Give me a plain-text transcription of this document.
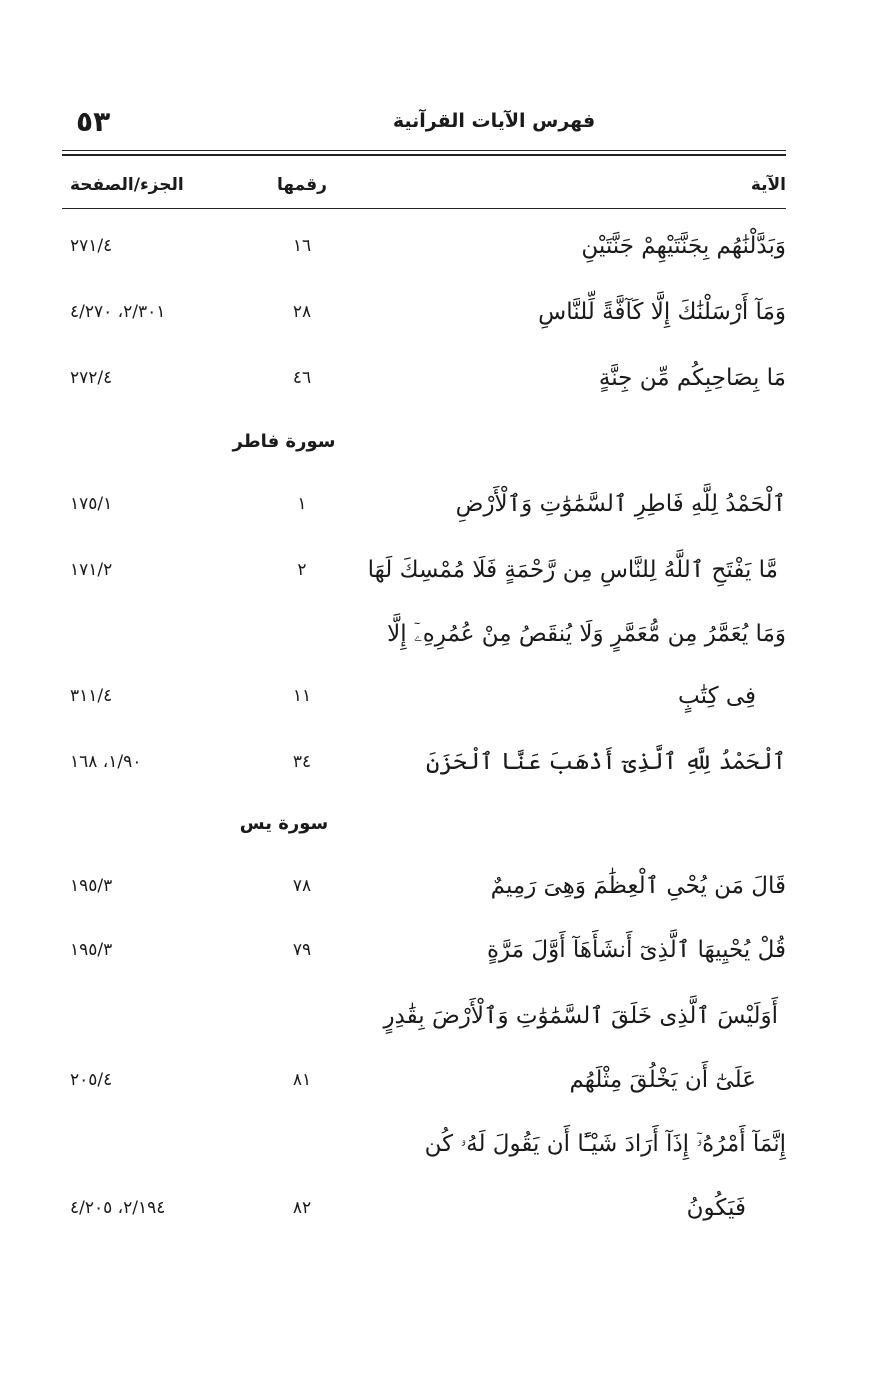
٥٣	فهرس الآيات القرآنية
الآية
رقمها
الجزء/الصفحة
وَبَدَّلْنَٰهُم بِجَنَّتَيْهِمْ جَنَّتَيْنِ
١٦
٢٧١/٤
وَمَآ أَرْسَلْنَٰكَ إِلَّا كَآفَّةً لِّلنَّاسِ
٢٨
٢/٣٠١، ٤/٢٧٠
مَا بِصَاحِبِكُم مِّن جِنَّةٍ
٤٦
٢٧٢/٤
سورة فاطر
ٱلْحَمْدُ لِلَّهِ فَاطِرِ ٱلسَّمَٰوَٰتِ وَٱلْأَرْضِ
١
١٧٥/١
مَّا يَفْتَحِ ٱللَّهُ لِلنَّاسِ مِن رَّحْمَةٍ فَلَا مُمْسِكَ لَهَا
٢
١٧١/٢
وَمَا يُعَمَّرُ مِن مُّعَمَّرٍ وَلَا يُنقَصُ مِنْ عُمُرِهِۦٓ إِلَّا
فِى كِتَٰبٍ
١١
٣١١/٤
ٱلْحَمْدُ لِلَّهِ ٱلَّذِىٓ أَذْهَبَ عَنَّا ٱلْحَزَنَ
٣٤
١/٩٠، ١٦٨
سورة يس
قَالَ مَن يُحْىِ ٱلْعِظَٰمَ وَهِىَ رَمِيمٌ
٧٨
١٩٥/٣
قُلْ يُحْيِيهَا ٱلَّذِىٓ أَنشَأَهَآ أَوَّلَ مَرَّةٍ
٧٩
١٩٥/٣
أَوَلَيْسَ ٱلَّذِى خَلَقَ ٱلسَّمَٰوَٰتِ وَٱلْأَرْضَ بِقَٰدِرٍ
عَلَىٰٓ أَن يَخْلُقَ مِثْلَهُم
٨١
٢٠٥/٤
إِنَّمَآ أَمْرُهُۥٓ إِذَآ أَرَادَ شَيْـًٔا أَن يَقُولَ لَهُۥ كُن
فَيَكُونُ
٨٢
٢/١٩٤، ٤/٢٠٥
